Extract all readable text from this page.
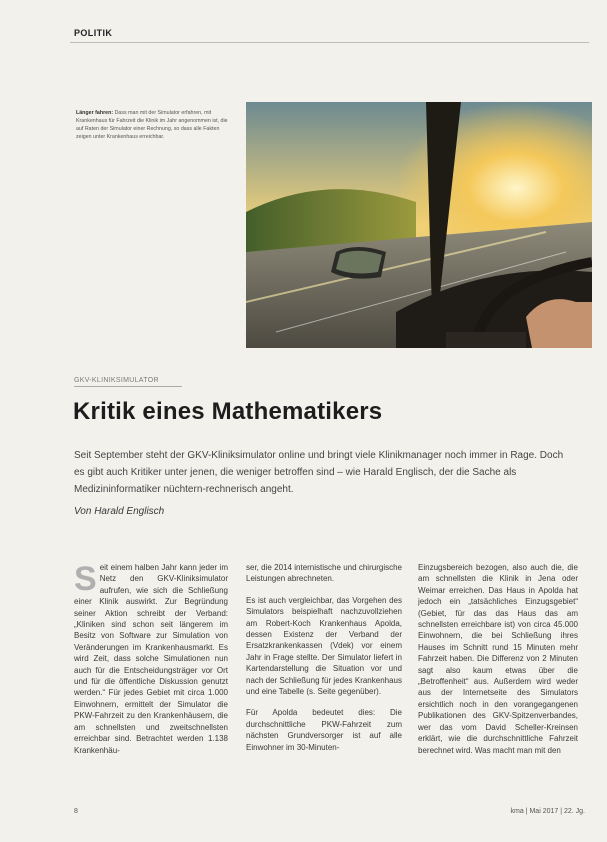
POLITIK
Länger fahren: Dass man mit der Simulator erfahren, mit Krankenhaus für Fahrzeit die Klinik im Jahr angenommen ist, die auf Raten der Simulator einer Rechnung, so dass alle Fakten zeigen unter Krankenhaus erreichbar.
GKV-KLINIKSIMULATOR
Kritik eines Mathematikers
Seit September steht der GKV-Kliniksimulator online und bringt viele Klinikmanager noch immer in Rage. Doch es gibt auch Kritiker unter jenen, die weniger betroffen sind – wie Harald Englisch, der die Sache als Medizininformatiker nüchtern-rechnerisch angeht.
Von Harald Englisch
Seit einem halben Jahr kann jeder im Netz den GKV-Kliniksimulator aufrufen, wie sich die Schließung einer Klinik auswirkt. Zur Begründung seiner Aktion schreibt der Verband: „Kliniken sind schon seit längerem im Besitz von Software zur Simulation von Veränderungen im Krankenhausmarkt. Es wird Zeit, dass solche Simulationen nun auch für die Entscheidungsträger vor Ort und für die öffentliche Diskussion genutzt werden.“ Für jedes Gebiet mit circa 1.000 Einwohnern, ermittelt der Simulator die PKW-Fahrzeit zu den Krankenhäusern, die am schnellsten und zweitschnellsten erreichbar sind. Betrachtet werden 1.138 Krankenhäu-

ser, die 2014 internistische und chirurgische Leistungen abrechneten.

Es ist auch vergleichbar, das Vorgehen des Simulators beispielhaft nachzuvollziehen am Robert-Koch Krankenhaus Apolda, dessen Existenz der Verband der Ersatzkrankenkassen (Vdek) vor einem Jahr in Frage stellte. Der Simulator liefert in Kartendarstellung die Situation vor und nach der Schließung für jedes Krankenhaus und eine Tabelle (s. Seite gegenüber).

Für Apolda bedeutet dies: Die durchschnittliche PKW-Fahrzeit zum nächsten Grundversorger ist auf alle Einwohner im 30-Minuten-

Einzugsbereich bezogen, also auch die, die am schnellsten die Klinik in Jena oder Weimar erreichen. Das Haus in Apolda hat jedoch ein „tatsächliches Einzugsgebiet“ (Gebiet, für das das Haus das am schnellsten erreichbare ist) von circa 45.000 Einwohnern, die bei Schließung ihres Hauses im Schnitt rund 15 Minuten mehr Fahrzeit haben. Die Differenz von 2 Minuten sagt also kaum etwas über die „Betroffenheit“ aus. Außerdem wird weder aus der Internetseite des Simulators ersichtlich noch in den vorangegangenen Publikationen des GKV-Spitzenverbandes, wer das vom David Scheller-Kreinsen erklärt, wie die durchschnittliche Fahrzeit berechnet wird. Was macht man mit den
8	kma | Mai 2017 | 22. Jg.
